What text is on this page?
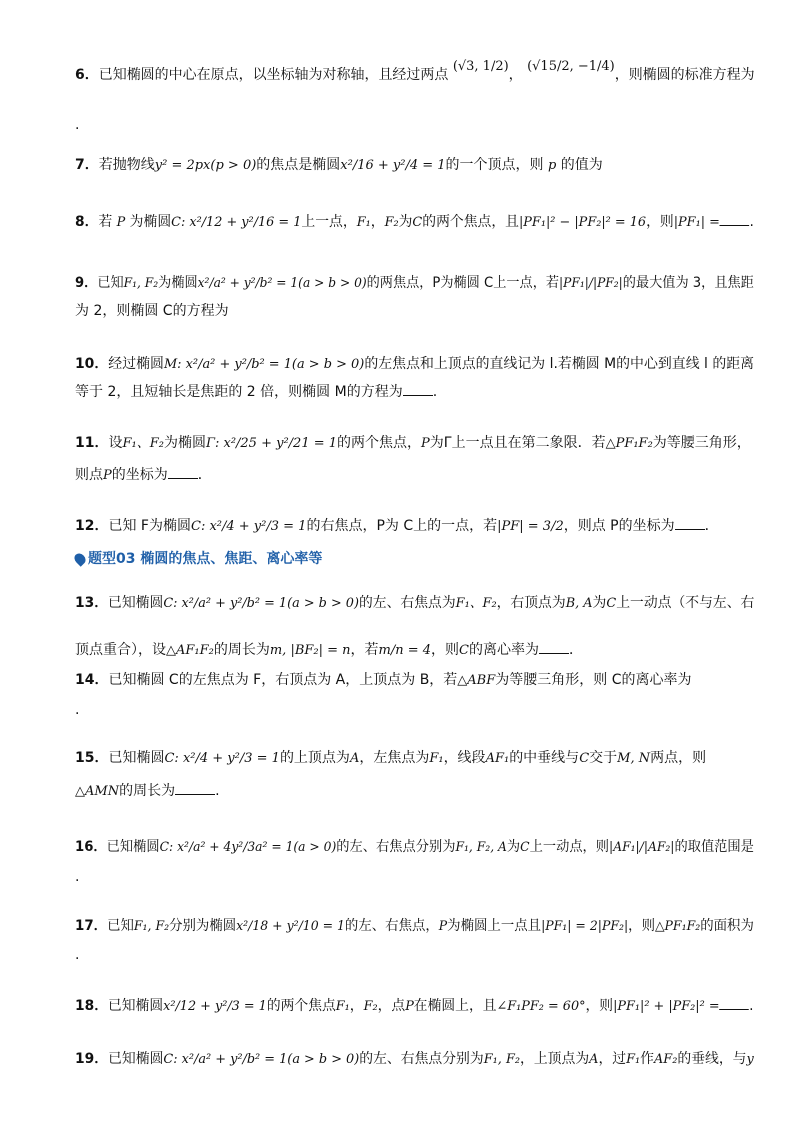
6．已知椭圆的中心在原点，以坐标轴为对称轴，且经过两点 (√3, 1/2)， (√15/2, −1/4)，则椭圆的标准方程为
.
7．若抛物线y² = 2px(p > 0)的焦点是椭圆x²/16 + y²/4 = 1的一个顶点，则 p 的值为
8．若 P 为椭圆C: x²/12 + y²/16 = 1上一点，F₁，F₂为C的两个焦点，且|PF₁|² − |PF₂|² = 16，则|PF₁| = .
9．已知F₁, F₂为椭圆x²/a² + y²/b² = 1(a > b > 0)的两焦点，P为椭圆 C上一点，若|PF₁|/|PF₂|的最大值为 3，且焦距
为 2，则椭圆 C的方程为
10．经过椭圆M: x²/a² + y²/b² = 1(a > b > 0)的左焦点和上顶点的直线记为 l.若椭圆 M的中心到直线 l 的距离
等于 2，且短轴长是焦距的 2 倍，则椭圆 M的方程为 .
11．设F₁、F₂为椭圆Γ: x²/25 + y²/21 = 1的两个焦点，P为Γ上一点且在第二象限．若△PF₁F₂为等腰三角形，
则点P的坐标为 ．
12．已知 F为椭圆C: x²/4 + y²/3 = 1的右焦点，P为 C上的一点，若|PF| = 3/2，则点 P的坐标为 ．
题型03 椭圆的焦点、焦距、离心率等
13．已知椭圆C: x²/a² + y²/b² = 1(a > b > 0)的左、右焦点为F₁、F₂，右顶点为B, A为C上一动点（不与左、右
顶点重合），设△AF₁F₂的周长为m, |BF₂| = n，若m/n = 4，则C的离心率为 ．
14．已知椭圆 C的左焦点为 F，右顶点为 A，上顶点为 B，若△ABF为等腰三角形，则 C的离心率为
.
15．已知椭圆C: x²/4 + y²/3 = 1的上顶点为A，左焦点为F₁，线段AF₁的中垂线与C交于M, N两点，则
△AMN的周长为	.
16．已知椭圆C: x²/a² + 4y²/3a² = 1(a > 0)的左、右焦点分别为F₁, F₂, A为C上一动点，则|AF₁|/|AF₂|的取值范围是
.
17．已知F₁, F₂分别为椭圆x²/18 + y²/10 = 1的左、右焦点，P为椭圆上一点且|PF₁| = 2|PF₂|，则△PF₁F₂的面积为
.
18．已知椭圆x²/12 + y²/3 = 1的两个焦点F₁，F₂，点P在椭圆上，且∠F₁PF₂ = 60°，则|PF₁|² + |PF₂|² = .
19．已知椭圆C: x²/a² + y²/b² = 1(a > b > 0)的左、右焦点分别为F₁, F₂，上顶点为A，过F₁作AF₂的垂线，与y
